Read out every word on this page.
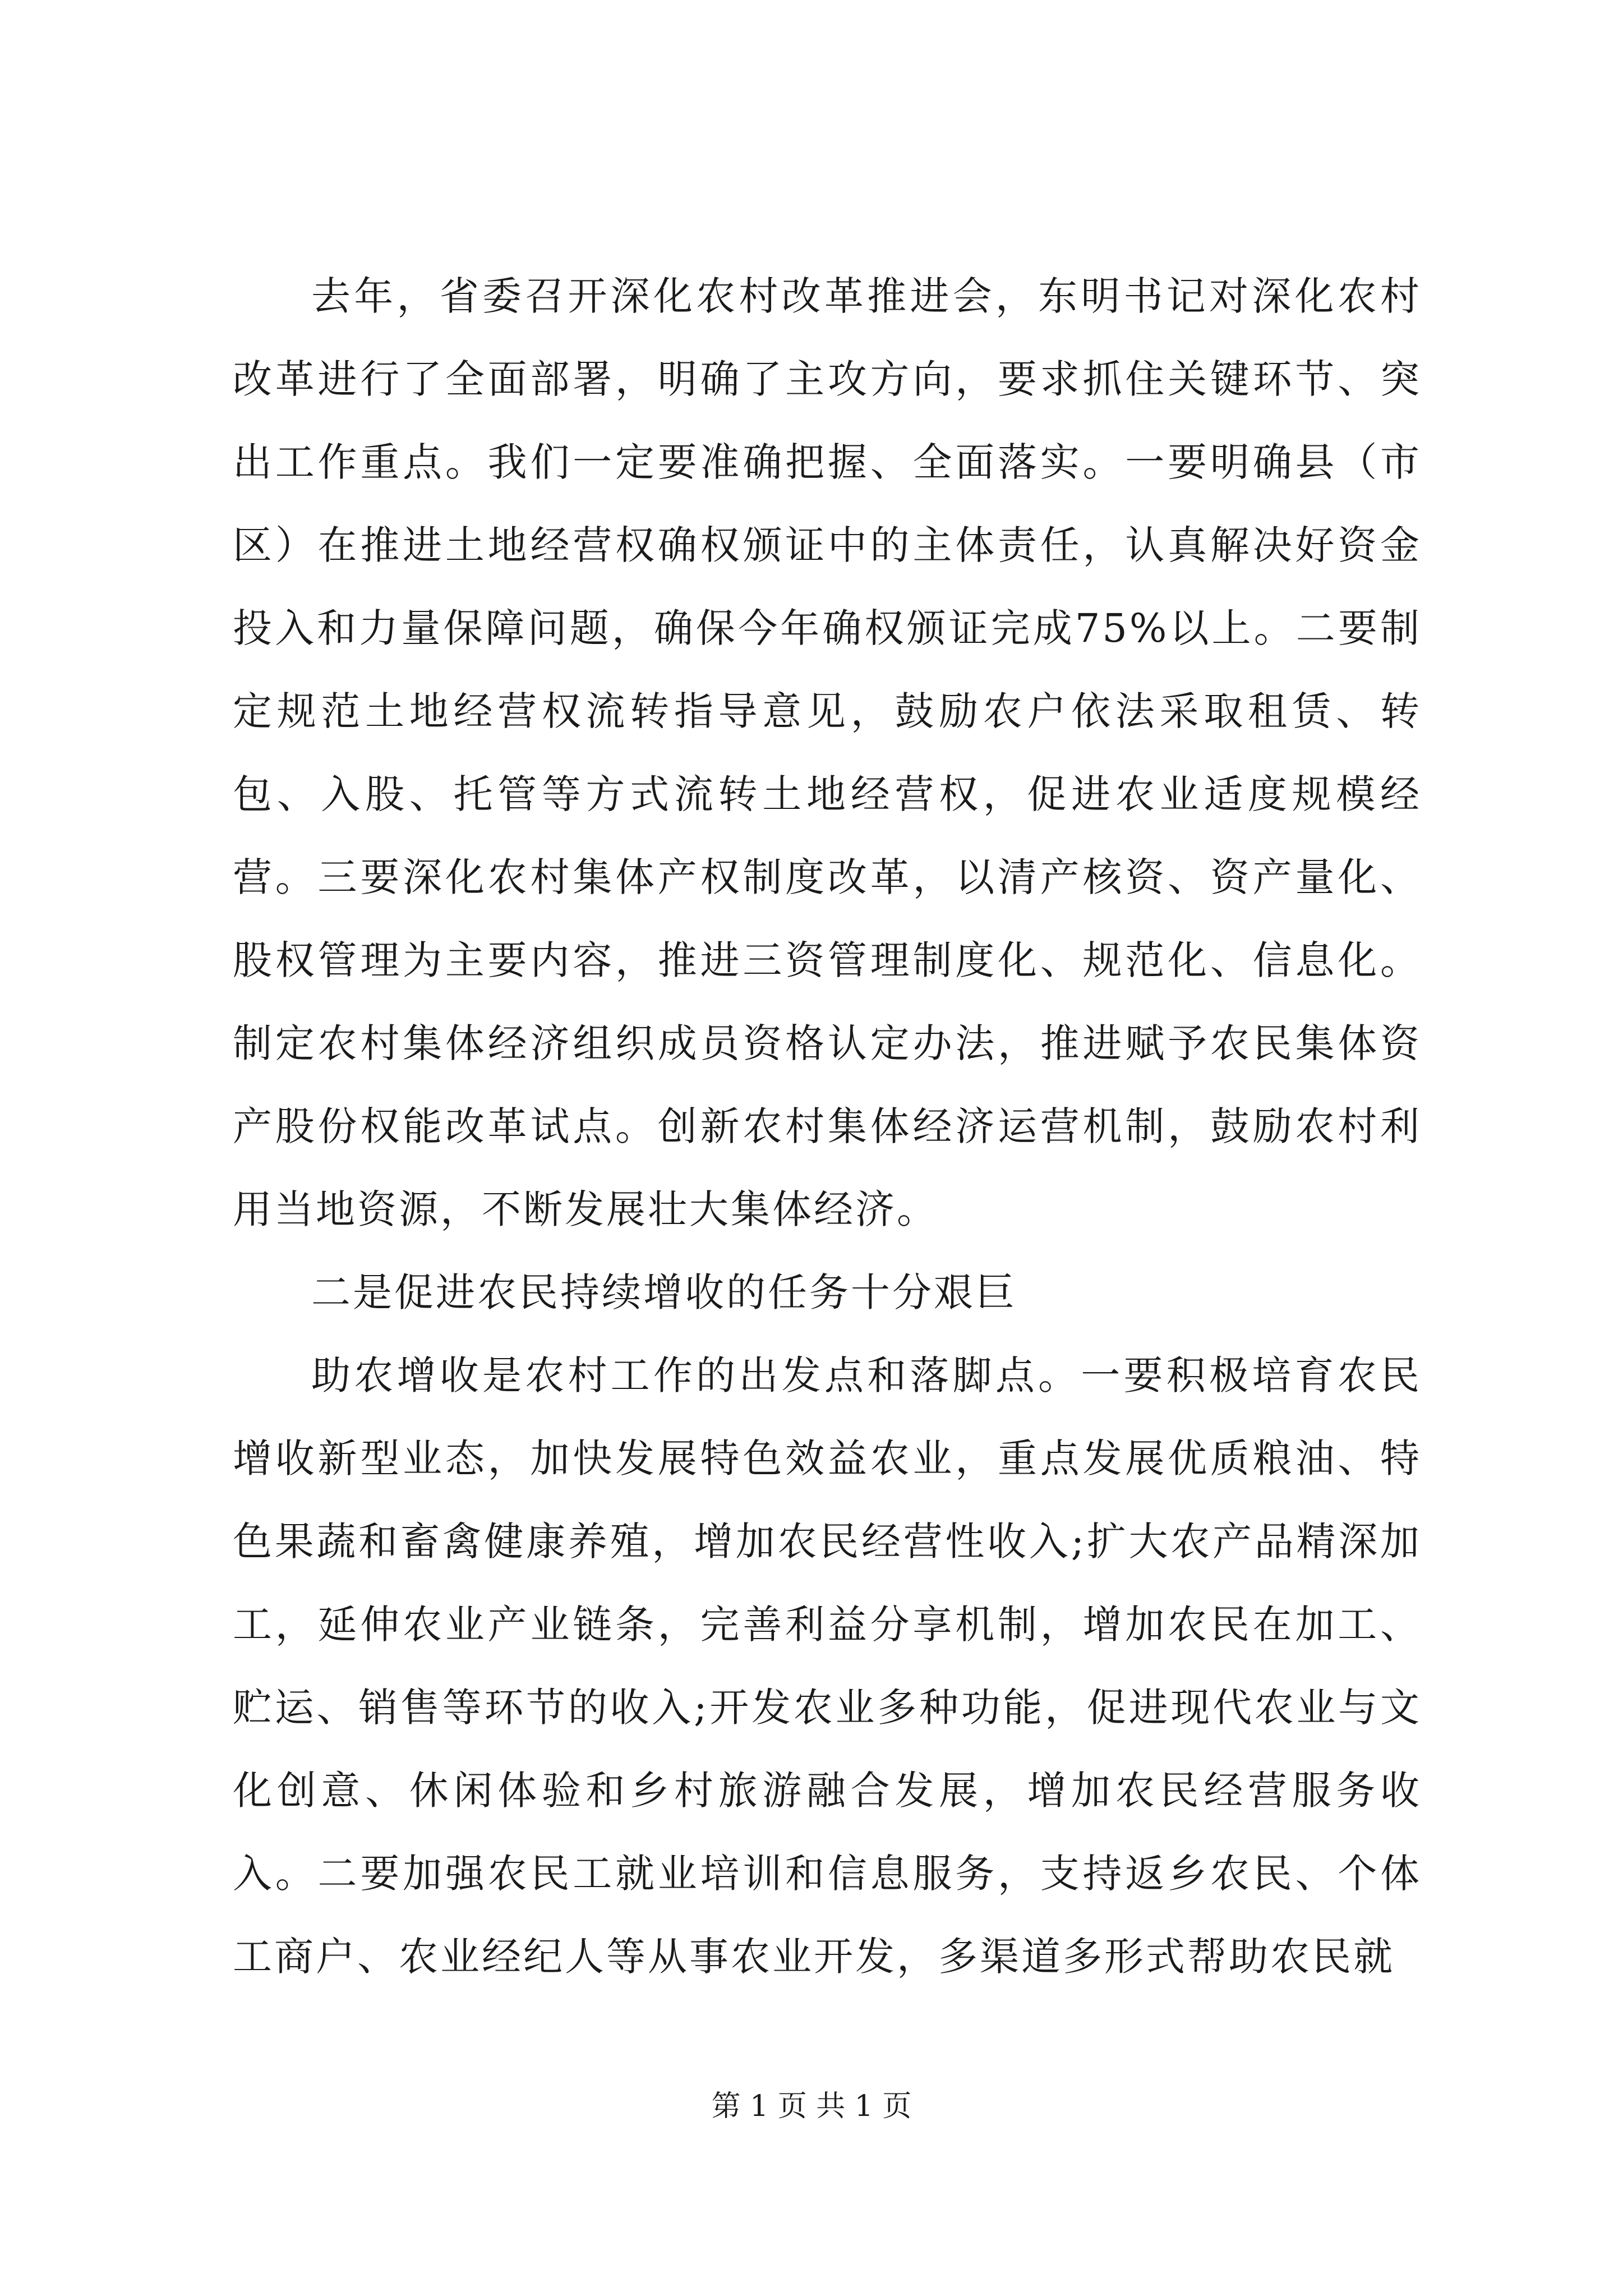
去年，省委召开深化农村改革推进会，东明书记对深化农村改革进行了全面部署，明确了主攻方向，要求抓住关键环节、突出工作重点。我们一定要准确把握、全面落实。一要明确县（市区）在推进土地经营权确权颁证中的主体责任，认真解决好资金投入和力量保障问题，确保今年确权颁证完成75%以上。二要制定规范土地经营权流转指导意见，鼓励农户依法采取租赁、转包、入股、托管等方式流转土地经营权，促进农业适度规模经营。三要深化农村集体产权制度改革，以清产核资、资产量化、股权管理为主要内容，推进三资管理制度化、规范化、信息化。制定农村集体经济组织成员资格认定办法，推进赋予农民集体资产股份权能改革试点。创新农村集体经济运营机制，鼓励农村利用当地资源，不断发展壮大集体经济。

二是促进农民持续增收的任务十分艰巨

助农增收是农村工作的出发点和落脚点。一要积极培育农民增收新型业态，加快发展特色效益农业，重点发展优质粮油、特色果蔬和畜禽健康养殖，增加农民经营性收入;扩大农产品精深加工，延伸农业产业链条，完善利益分享机制，增加农民在加工、贮运、销售等环节的收入;开发农业多种功能，促进现代农业与文化创意、休闲体验和乡村旅游融合发展，增加农民经营服务收入。二要加强农民工就业培训和信息服务，支持返乡农民、个体工商户、农业经纪人等从事农业开发，多渠道多形式帮助农民就

第 1 页 共 1 页
